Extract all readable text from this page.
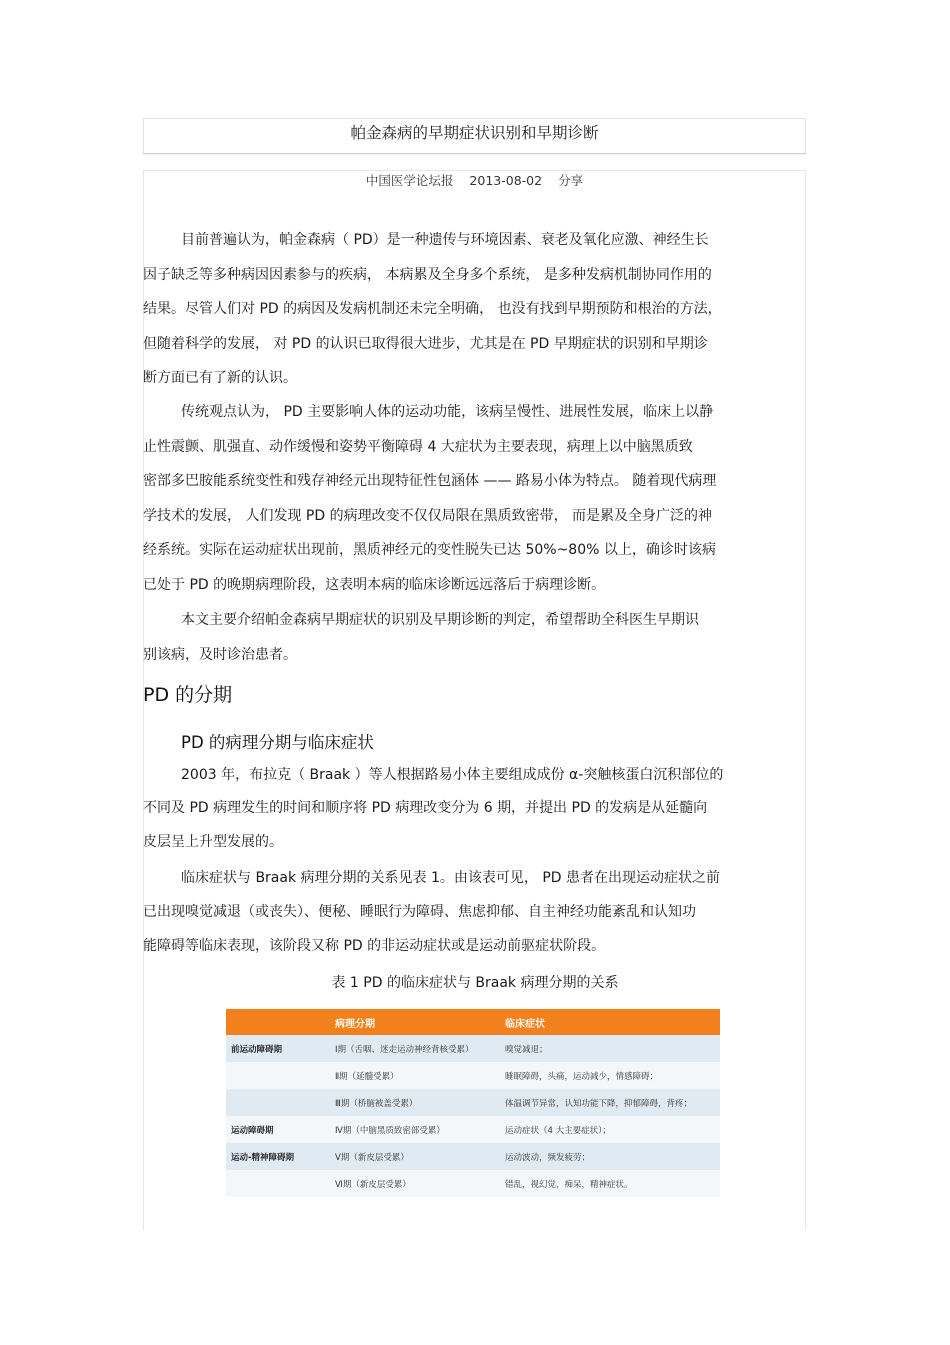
帕金森病的早期症状识别和早期诊断
中国医学论坛报 2013-08-02 分享
目前普遍认为，帕金森病（ PD）是一种遗传与环境因素、衰老及氧化应激、神经生长
因子缺乏等多种病因因素参与的疾病， 本病累及全身多个系统， 是多种发病机制协同作用的
结果。尽管人们对 PD 的病因及发病机制还未完全明确， 也没有找到早期预防和根治的方法，
但随着科学的发展， 对 PD 的认识已取得很大进步，尤其是在 PD 早期症状的识别和早期诊
断方面已有了新的认识。
传统观点认为， PD 主要影响人体的运动功能，该病呈慢性、进展性发展，临床上以静
止性震颤、肌强直、动作缓慢和姿势平衡障碍 4 大症状为主要表现，病理上以中脑黑质致
密部多巴胺能系统变性和残存神经元出现特征性包涵体 —— 路易小体为特点。 随着现代病理
学技术的发展， 人们发现 PD 的病理改变不仅仅局限在黑质致密带， 而是累及全身广泛的神
经系统。实际在运动症状出现前，黑质神经元的变性脱失已达 50%~80% 以上，确诊时该病
已处于 PD 的晚期病理阶段，这表明本病的临床诊断远远落后于病理诊断。
本文主要介绍帕金森病早期症状的识别及早期诊断的判定，希望帮助全科医生早期识
别该病，及时诊治患者。
PD 的分期
PD 的病理分期与临床症状
2003 年，布拉克（ Braak ）等人根据路易小体主要组成成份 α-突触核蛋白沉积部位的
不同及 PD 病理发生的时间和顺序将 PD 病理改变分为 6 期，并提出 PD 的发病是从延髓向
皮层呈上升型发展的。
临床症状与 Braak 病理分期的关系见表 1。由该表可见， PD 患者在出现运动症状之前
已出现嗅觉减退（或丧失）、便秘、睡眠行为障碍、焦虑抑郁、自主神经功能紊乱和认知功
能障碍等临床表现，该阶段又称 PD 的非运动症状或是运动前驱症状阶段。
表 1 PD 的临床症状与 Braak 病理分期的关系
	病理分期	临床症状
前运动障碍期	Ⅰ期（舌咽、迷走运动神经背核受累）	嗅觉减退；
	Ⅱ期（延髓受累）	睡眠障碍，头痛，运动减少，情感障碍；
	Ⅲ期（桥脑被盖受累）	体温调节异常，认知功能下降，抑郁障碍，背疼；
运动障碍期	Ⅳ期（中脑黑质致密部受累）	运动症状（4 大主要症状）；
运动-精神障碍期	Ⅴ期（新皮层受累）	运动波动，频发疲劳；
	Ⅵ期（新皮层受累）	错乱，视幻觉，痴呆，精神症状。
